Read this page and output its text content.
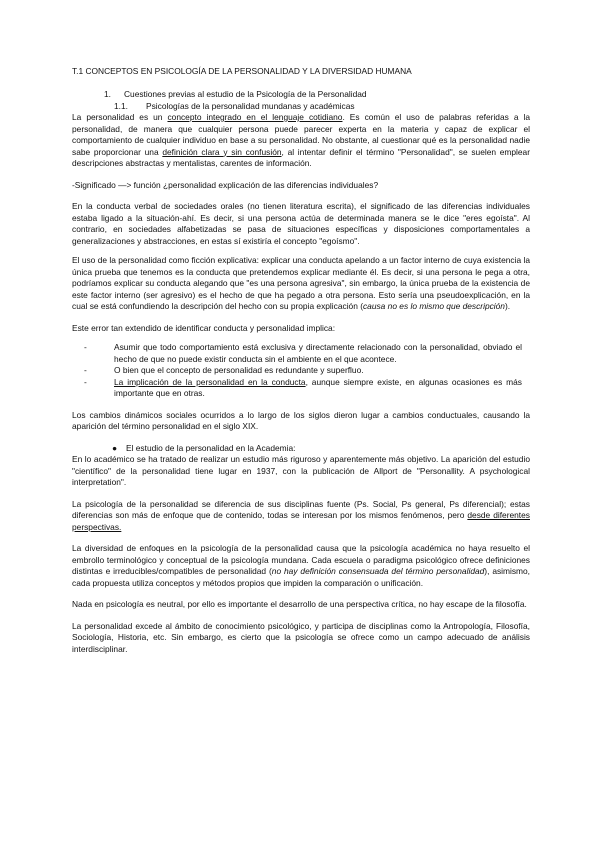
T.1 CONCEPTOS EN PSICOLOGÍA DE LA PERSONALIDAD Y LA DIVERSIDAD HUMANA
1. Cuestiones previas al estudio de la Psicología de la Personalidad
1.1. Psicologías de la personalidad mundanas y académicas

La personalidad es un concepto integrado en el lenguaje cotidiano. Es común el uso de palabras referidas a la personalidad, de manera que cualquier persona puede parecer experta en la materia y capaz de explicar el comportamiento de cualquier individuo en base a su personalidad. No obstante, al cuestionar qué es la personalidad nadie sabe proporcionar una definición clara y sin confusión, al intentar definir el término "Personalidad", se suelen emplear descripciones abstractas y mentalistas, carentes de información.

-Significado —> función ¿personalidad explicación de las diferencias individuales?

En la conducta verbal de sociedades orales (no tienen literatura escrita), el significado de las diferencias individuales estaba ligado a la situación-ahí. Es decir, si una persona actúa de determinada manera se le dice "eres egoísta". Al contrario, en sociedades alfabetizadas se pasa de situaciones específicas y disposiciones comportamentales a generalizaciones y abstracciones, en estas sí existiría el concepto "egoísmo".

El uso de la personalidad como ficción explicativa: explicar una conducta apelando a un factor interno de cuya existencia la única prueba que tenemos es la conducta que pretendemos explicar mediante él. Es decir, si una persona le pega a otra, podríamos explicar su conducta alegando que "es una persona agresiva", sin embargo, la única prueba de la existencia de este factor interno (ser agresivo) es el hecho de que ha pegado a otra persona. Esto sería una pseudoexplicación, en la cual se está confundiendo la descripción del hecho con su propia explicación (causa no es lo mismo que descripción).

Este error tan extendido de identificar conducta y personalidad implica:

-	Asumir que todo comportamiento está exclusiva y directamente relacionado con la personalidad, obviado el hecho de que no puede existir conducta sin el ambiente en el que acontece.
-	O bien que el concepto de personalidad es redundante y superfluo.
-	La implicación de la personalidad en la conducta, aunque siempre existe, en algunas ocasiones es más importante que en otras.

Los cambios dinámicos sociales ocurridos a lo largo de los siglos dieron lugar a cambios conductuales, causando la aparición del término personalidad en el siglo XIX.

● El estudio de la personalidad en la Academia:

En lo académico se ha tratado de realizar un estudio más riguroso y aparentemente más objetivo. La aparición del estudio "científico" de la personalidad tiene lugar en 1937, con la publicación de Allport de "Personallity. A psychological interpretation".

La psicología de la personalidad se diferencia de sus disciplinas fuente (Ps. Social, Ps general, Ps diferencial); estas diferencias son más de enfoque que de contenido, todas se interesan por los mismos fenómenos, pero desde diferentes perspectivas.

La diversidad de enfoques en la psicología de la personalidad causa que la psicología académica no haya resuelto el embrollo terminológico y conceptual de la psicología mundana. Cada escuela o paradigma psicológico ofrece definiciones distintas e irreducibles/compatibles de personalidad (no hay definición consensuada del término personalidad), asimismo, cada propuesta utiliza conceptos y métodos propios que impiden la comparación o unificación.

Nada en psicología es neutral, por ello es importante el desarrollo de una perspectiva crítica, no hay escape de la filosofía.

La personalidad excede al ámbito de conocimiento psicológico, y participa de disciplinas como la Antropología, Filosofía, Sociología, Historia, etc. Sin embargo, es cierto que la psicología se ofrece como un campo adecuado de análisis interdisciplinar.
